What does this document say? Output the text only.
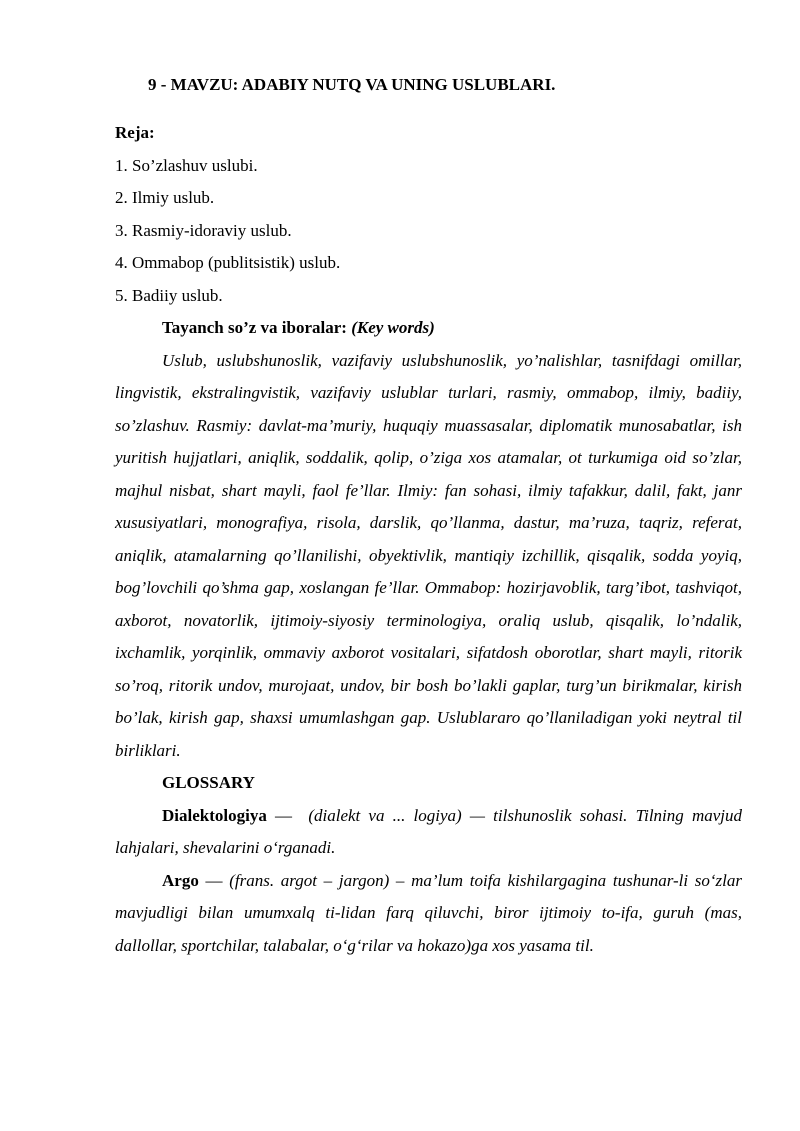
9 - MAVZU: ADABIY NUTQ VA UNING USLUBLARI.

Reja:

1. So’zlashuv uslubi.
2. Ilmiy uslub.
3. Rasmiy-idoraviy uslub.
4. Ommabop (publitsistik) uslub.
5. Badiiy uslub.

Tayanch so’z va iboralar: (Key words)

Uslub, uslubshunoslik, vazifaviy uslubshunoslik, yo’nalishlar, tasnifdagi omillar, lingvistik, ekstralingvistik, vazifaviy uslublar turlari, rasmiy, ommabop, ilmiy, badiiy, so’zlashuv. Rasmiy: davlat-ma’muriy, huquqiy muassasalar, diplomatik munosabatlar, ish yuritish hujjatlari, aniqlik, soddalik, qolip, o’ziga xos atamalar, ot turkumiga oid so’zlar, majhul nisbat, shart mayli, faol fe’llar. Ilmiy: fan sohasi, ilmiy tafakkur, dalil, fakt, janr xususiyatlari, monografiya, risola, darslik, qo’llanma, dastur, ma’ruza, taqriz, referat, aniqlik, atamalarning qo’llanilishi, obyektivlik, mantiqiy izchillik, qisqalik, sodda yoyiq, bog’lovchili qo’shma gap, xoslangan fe’llar. Ommabop: hozirjavoblik, targ’ibot, tashviqot, axborot, novatorlik, ijtimoiy-siyosiy terminologiya, oraliq uslub, qisqalik, lo’ndalik, ixchamlik, yorqinlik, ommaviy axborot vositalari, sifatdosh oborotlar, shart mayli, ritorik so’roq, ritorik undov, murojaat, undov, bir bosh bo’lakli gaplar, turg’un birikmalar, kirish bo’lak, kirish gap, shaxsi umumlashgan gap. Uslublararo qo’llaniladigan yoki neytral til birliklari.

GLOSSARY

Dialektologiya —  (dialekt va ... logiya) — tilshunoslik sohasi. Tilning mavjud lahjalari, shevalarini o‘rganadi.

Argo — (frans. argot – jargon) – ma’lum toifa kishilargagina tushunar-li so‘zlar mavjudligi bilan umumxalq ti-lidan farq qiluvchi, biror ijtimoiy to-ifa, guruh (mas, dallollar, sportchilar, talabalar, o‘g‘rilar va hokazo)ga xos yasama til.
